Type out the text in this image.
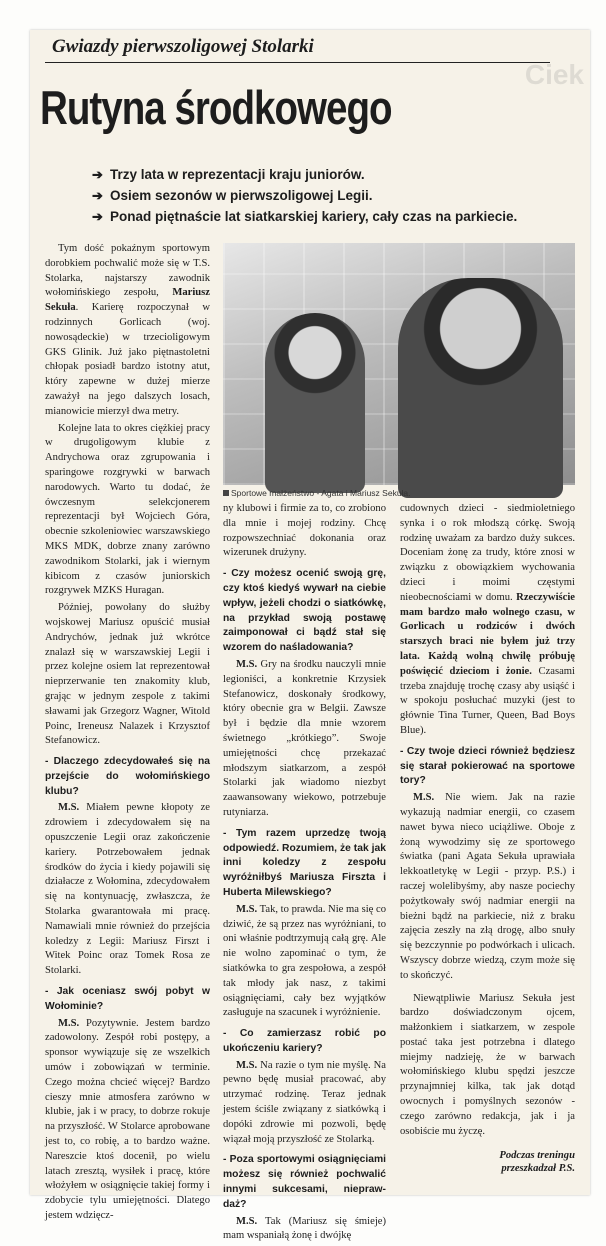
Ciek
Gwiazdy pierwszoligowej Stolarki
Rutyna środkowego
➔ Trzy lata w reprezentacji kraju juniorów.
➔ Osiem sezonów w pierwszoligowej Legii.
➔ Ponad piętnaście lat siatkarskiej kariery, cały czas na parkiecie.
Sportowe małżeństwo - Agata i Mariusz Sekuła.

Tym dość pokaźnym sportowym dorobkiem pochwalić może się w T.S. Stolarka, najstarszy zawodnik wołomińskiego zespołu, Mariusz Sekuła. Karierę rozpoczynał w rodzinnych Gorlicach (woj. nowosądeckie) w trzecioligowym GKS Glinik. Już jako piętnastoletni chłopak posiadł bardzo istotny atut, który zapewne w dużej mierze zaważył na jego dalszych losach, mianowicie mierzył dwa metry.

Kolejne lata to okres ciężkiej pracy w drugoligowym klubie z Andrychowa oraz zgrupowania i sparingowe rozgrywki w barwach narodowych. Warto tu dodać, że ówczesnym selekcjonerem reprezentacji był Wojciech Góra, obecnie szkoleniowiec warszawskiego MKS MDK, dobrze znany zarówno zawodnikom Stolarki, jak i wiernym kibicom z czasów juniorskich rozgrywek MZKS Huragan.

Później, powołany do służby wojskowej Mariusz opuścić musiał Andrychów, jednak już wkrótce znalazł się w warszawskiej Legii i przez kolejne osiem lat reprezentował nieprzerwanie ten znakomity klub, grając w jednym zespole z takimi sławami jak Grzegorz Wagner, Witold Poinc, Ireneusz Nalazek i Krzysztof Stefanowicz.

- Dlaczego zdecydowałeś się na przejście do wołomińskiego klubu?

M.S. Miałem pewne kłopoty ze zdrowiem i zdecydowałem się na opuszczenie Legii oraz zakończenie kariery. Potrzebowałem jednak środków do życia i kiedy pojawili się działacze z Wołomina, zdecydowałem się na kontynuację, zwłaszcza, że Stolarka gwarantowała mi pracę. Namawiali mnie również do przejścia koledzy z Legii: Mariusz Firszt i Witek Poinc oraz Tomek Rosa ze Stolarki.

- Jak oceniasz swój pobyt w Wołominie?

M.S. Pozytywnie. Jestem bardzo zadowolony. Zespół robi postępy, a sponsor wywiązuje się ze wszelkich umów i zobowiązań w terminie. Czego można chcieć więcej? Bardzo cieszy mnie atmosfera zarówno w klubie, jak i w pracy, to dobrze rokuje na przyszłość. W Stolarce aprobowane jest to, co robię, a to bardzo ważne. Nareszcie ktoś docenił, po wielu latach zresztą, wysiłek i pracę, które włożyłem w osiągnięcie takiej formy i zdobycie tylu umiejętności. Dlatego jestem wdzięcz-

ny klubowi i firmie za to, co zrobiono dla mnie i mojej rodziny. Chcę rozpowszechniać dokonania oraz wizerunek drużyny.

- Czy możesz ocenić swoją grę, czy ktoś kiedyś wywarł na ciebie wpływ, jeżeli chodzi o siatkówkę, na przykład swoją postawę zaimponował ci bądź stał się wzorem do naśladowania?

M.S. Gry na środku nauczyli mnie legioniści, a konkretnie Krzysiek Stefanowicz, doskonały środkowy, który obecnie gra w Belgii. Zawsze był i będzie dla mnie wzorem świetnego „krótkiego”. Swoje umiejętności chcę przekazać młodszym siatkarzom, a zespół Stolarki jak wiadomo niezbyt zaawansowany wiekowo, potrzebuje rutyniarza.

- Tym razem uprzedzę twoją odpowiedź. Rozumiem, że tak jak inni koledzy z zespołu wyróżniłbyś Mariusza Firszta i Huberta Milewskiego?

M.S. Tak, to prawda. Nie ma się co dziwić, że są przez nas wyróżniani, to oni właśnie podtrzymują całą grę. Ale nie wolno zapominać o tym, że siatkówka to gra zespołowa, a zespół tak młody jak nasz, z takimi osiągnięciami, cały bez wyjątków zasługuje na szacunek i wyróżnienie.

- Co zamierzasz robić po ukończeniu kariery?

M.S. Na razie o tym nie myślę. Na pewno będę musiał pracować, aby utrzymać rodzinę. Teraz jednak jestem ściśle związany z siatkówką i dopóki zdrowie mi pozwoli, będę wiązał moją przyszłość ze Stolarką.

- Poza sportowymi osiągnięciami możesz się również pochwalić innymi sukcesami, niepraw- daż?

M.S. Tak (Mariusz się śmieje) mam wspaniałą żonę i dwójkę

cudownych dzieci - siedmioletniego synka i o rok młodszą córkę. Swoją rodzinę uważam za bardzo duży sukces. Doceniam żonę za trudy, które znosi w związku z obowiązkiem wychowania dzieci i moimi częstymi nieobecnościami w domu. Rzeczywiście mam bardzo mało wolnego czasu, w Gorlicach u rodziców i dwóch starszych braci nie byłem już trzy lata. Każdą wolną chwilę próbuję poświęcić dzieciom i żonie. Czasami trzeba znajduję trochę czasy aby usiąść i w spokoju posłuchać muzyki (jest to głównie Tina Turner, Queen, Bad Boys Blue).

- Czy twoje dzieci również będziesz się starał pokierować na sportowe tory?

M.S. Nie wiem. Jak na razie wykazują nadmiar energii, co czasem nawet bywa nieco uciążliwe. Oboje z żoną wywodzimy się ze sportowego światka (pani Agata Sekuła uprawiała lekkoatletykę w Legii - przyp. P.S.) i raczej wolelibyśmy, aby nasze pociechy pożytkowały swój nadmiar energii na bieżni bądź na parkiecie, niż z braku zajęcia zeszły na złą drogę, albo snuły się bezczynnie po podwórkach i ulicach. Wszyscy dobrze wiedzą, czym może się to skończyć.

Niewątpliwie Mariusz Sekuła jest bardzo doświadczonym ojcem, małżonkiem i siatkarzem, w zespole postać taka jest potrzebna i dlatego miejmy nadzieję, że w barwach wołomińskiego klubu spędzi jeszcze przynajmniej kilka, tak jak dotąd owocnych i pomyślnych sezonów - czego zarówno redakcja, jak i ja osobiście mu życzę.

Podczas treningu
przeszkadzał P.S.
